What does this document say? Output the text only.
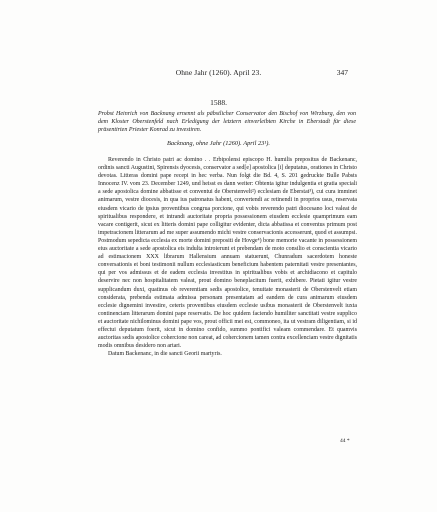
Ohne Jahr (1260). April 23.	347
1588.
Probst Heinrich von Backnang ernennt als päbstlicher Conservator den Bischof von Wirzburg, den von dem Kloster Oberstenfeld nach Erledigung der letztern einverleibten Kirche in Eberstadt für diese präsentirten Priester Konrad zu investiren.
Backnang, ohne Jahr (1260). April 23¹).

Reverendo in Christo patri ac domino . . Erbipolensi episcopo H. humilis prepositus de Backenanc, ordinis sancti Augustini, Spirensis dyocesis, conservator a sed[e] apostolica [i] deputatus, orationes in Christo devotas. Litteras domini pape recepi in hec verba. Nun folgt die Bd. 4, S. 201 gedruckte Bulle Pabsts Innocenz IV. vom 23. December 1249, und heisst es dann weiter: Obtenta igitur indulgentia et gratia speciali a sede apostolica domine abbatisse et conventui de Oberstenvelt²) ecclesiam de Eberstat³), cui cura imminet animarum, vestre diocesis, in qua ius patronatus habent, convertendi ac retinendi in proprios usus, reservata eiusdem vicario de ipsius proventibus congrua porcione, qui vobis reverendo patri diocesano loci valeat de spiritualibus respondere, et intrandi auctoritate propria possessionem eiusdem ecclesie quamprimum eam vacare contigerit, sicut ex litteris domini pape colligitur evidenter, dicta abbatissa et conventus primum post impetracionem litterarum ad me super assumendo michi vestre conservacionis accesserunt, quod et assumpsi. Postmodum sepedicta ecclesia ex morte domini prepositi de Hovge⁴) bone memorie vacante in possessionem eius auctoritate a sede apostolica eis indulta introierunt et prebendam de moto consilio et conscientia vicario ad estimacionem XXX librarum Hallensium annuam statuerunt, Chunradum sacerdotem honeste conversationis et boni testimonii nullum ecclesiasticum beneficium habentem paternitati vestre presentantes, qui per vos admissus et de eadem ecclesia investitus in spiritualibus vobis et archidiacono et capitulo deservire nec non hospitalitatem valeat, prout domino beneplacitum fuerit, exhibere. Pietati igitur vestre supplicandum duxi, quatinus ob reverentiam sedis apostolice, tenuitate monasterii de Oberstenvelt etiam considerata, prebenda estimata admissa personam presentatam ad eandem de cura animarum eiusdem ecclesie dignemini investire, ceteris proventibus eiusdem ecclesie usibus monasterii de Oberstenvelt iuxta continenciam litterarum domini pape reservatis. De hoc quidem faciendo humiliter sanctitati vestre supplico et auctoritate nichilominus domini pape vos, prout officii mei est, commoneo, ita ut vestram diligentiam, si id effectui deputatum foerit, sicut in domino confido, summo pontifici valeam commendare. Et quamvis auctoritas sedis apostolice cohercione non careat, ad cohercionem tamen contra excellenciam vestre dignitatis modis omnibus desidero non artari.

Datum Backenanc, in die sancti Georii martyris.

44 *
